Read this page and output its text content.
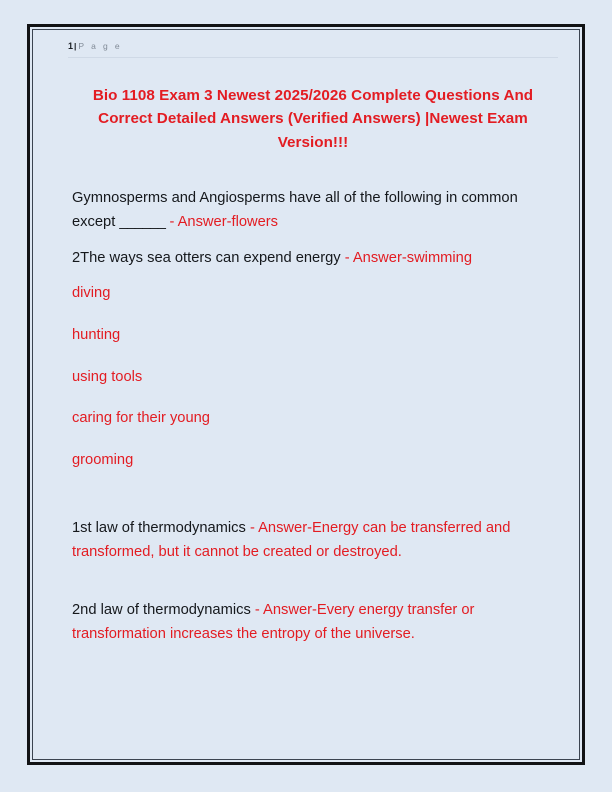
1| P a g e
Bio 1108 Exam 3 Newest 2025/2026 Complete Questions And Correct Detailed Answers (Verified Answers) |Newest Exam Version!!!

Gymnosperms and Angiosperms have all of the following in common except ______ - Answer-flowers

2The ways sea otters can expend energy - Answer-swimming

diving

hunting

using tools

caring for their young

grooming

1st law of thermodynamics - Answer-Energy can be transferred and transformed, but it cannot be created or destroyed.

2nd law of thermodynamics - Answer-Every energy transfer or transformation increases the entropy of the universe.
